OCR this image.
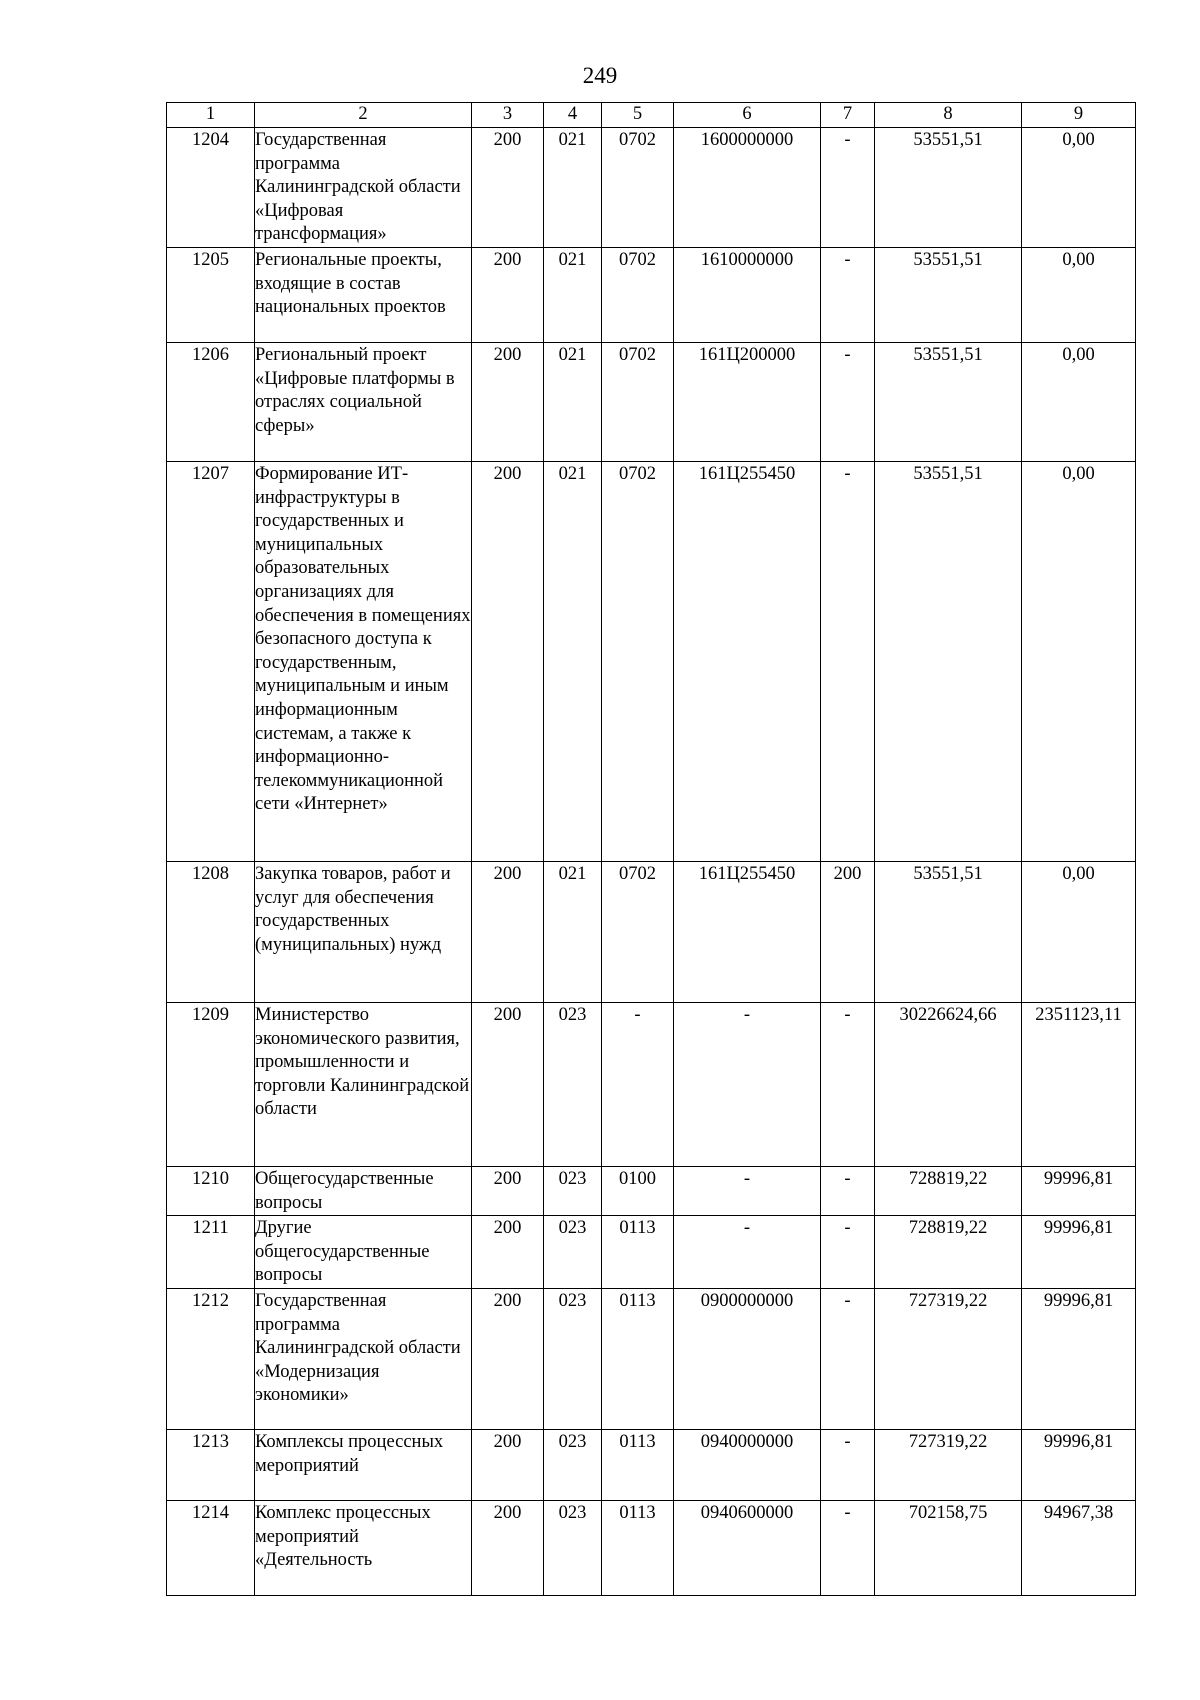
249
1	2	3	4	5	6	7	8	9
1204	Государственная программа Калининградской области «Цифровая трансформация»	200	021	0702	1600000000	-	53551,51	0,00
1205	Региональные проекты, входящие в состав национальных проектов	200	021	0702	1610000000	-	53551,51	0,00
1206	Региональный проект «Цифровые платформы в отраслях социальной сферы»	200	021	0702	161Ц200000	-	53551,51	0,00
1207	Формирование ИТ-инфраструктуры в государственных и муниципальных образовательных организациях для обеспечения в помещениях безопасного доступа к государственным, муниципальным и иным информационным системам, а также к информационно-телекоммуникационной сети «Интернет»	200	021	0702	161Ц255450	-	53551,51	0,00
1208	Закупка товаров, работ и услуг для обеспечения государственных (муниципальных) нужд	200	021	0702	161Ц255450	200	53551,51	0,00
1209	Министерство экономического развития, промышленности и торговли Калининградской области	200	023	-	-	-	30226624,66	2351123,11
1210	Общегосударственные вопросы	200	023	0100	-	-	728819,22	99996,81
1211	Другие общегосударственные вопросы	200	023	0113	-	-	728819,22	99996,81
1212	Государственная программа Калининградской области «Модернизация экономики»	200	023	0113	0900000000	-	727319,22	99996,81
1213	Комплексы процессных мероприятий	200	023	0113	0940000000	-	727319,22	99996,81
1214	Комплекс процессных мероприятий «Деятельность	200	023	0113	0940600000	-	702158,75	94967,38
